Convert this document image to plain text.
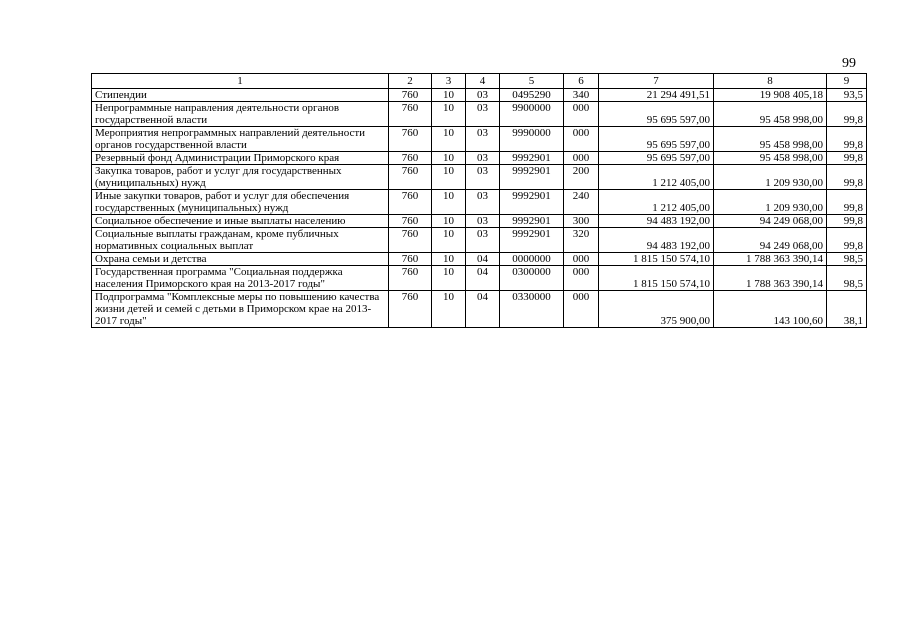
99
1	2	3	4	5	6	7	8	9
Стипендии	760	10	03	0495290	340	21 294 491,51	19 908 405,18	93,5
Непрограммные направления деятельности органов государственной власти	760	10	03	9900000	000	95 695 597,00	95 458 998,00	99,8
Мероприятия непрограммных направлений деятельности органов государственной власти	760	10	03	9990000	000	95 695 597,00	95 458 998,00	99,8
Резервный фонд Администрации Приморского края	760	10	03	9992901	000	95 695 597,00	95 458 998,00	99,8
Закупка товаров, работ и услуг для государственных (муниципальных) нужд	760	10	03	9992901	200	1 212 405,00	1 209 930,00	99,8
Иные закупки товаров, работ и услуг для обеспечения государственных (муниципальных) нужд	760	10	03	9992901	240	1 212 405,00	1 209 930,00	99,8
Социальное обеспечение и иные выплаты населению	760	10	03	9992901	300	94 483 192,00	94 249 068,00	99,8
Социальные выплаты гражданам, кроме публичных нормативных социальных выплат	760	10	03	9992901	320	94 483 192,00	94 249 068,00	99,8
Охрана семьи и детства	760	10	04	0000000	000	1 815 150 574,10	1 788 363 390,14	98,5
Государственная программа "Социальная поддержка населения Приморского края на 2013-2017 годы"	760	10	04	0300000	000	1 815 150 574,10	1 788 363 390,14	98,5
Подпрограмма "Комплексные меры по повышению качества жизни детей и семей с детьми в Приморском крае на 2013-2017 годы"	760	10	04	0330000	000	375 900,00	143 100,60	38,1
